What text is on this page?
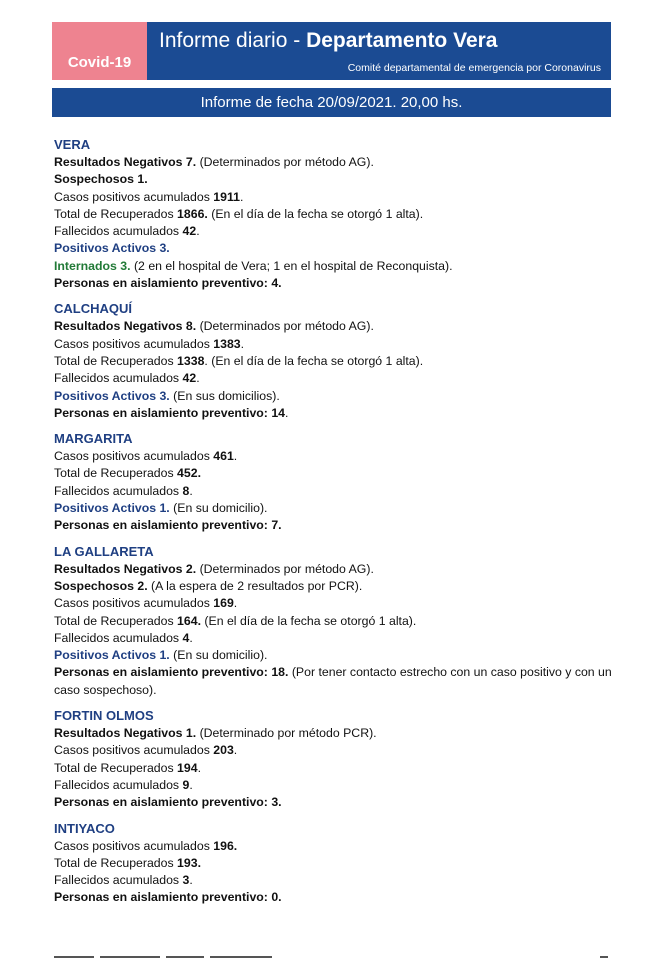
Covid-19
Informe diario - Departamento Vera
Comité departamental de emergencia por Coronavirus
Informe de fecha 20/09/2021. 20,00 hs.
VERA
Resultados Negativos 7. (Determinados por método AG).
Sospechosos 1.
Casos positivos acumulados 1911.
Total de Recuperados 1866. (En el día de la fecha se otorgó 1 alta).
Fallecidos acumulados 42.
Positivos Activos 3.
Internados 3. (2 en el hospital de Vera; 1 en el hospital de Reconquista).
Personas en aislamiento preventivo: 4.
CALCHAQUÍ
Resultados Negativos 8. (Determinados por método AG).
Casos positivos acumulados 1383.
Total de Recuperados 1338. (En el día de la fecha se otorgó 1 alta).
Fallecidos acumulados 42.
Positivos Activos 3. (En sus domicilios).
Personas en aislamiento preventivo: 14.
MARGARITA
Casos positivos acumulados 461.
Total de Recuperados 452.
Fallecidos acumulados 8.
Positivos Activos 1. (En su domicilio).
Personas en aislamiento preventivo: 7.
LA GALLARETA
Resultados Negativos 2. (Determinados por método AG).
Sospechosos 2. (A la espera de 2 resultados por PCR).
Casos positivos acumulados 169.
Total de Recuperados 164. (En el día de la fecha se otorgó 1 alta).
Fallecidos acumulados 4.
Positivos Activos 1. (En su domicilio).
Personas en aislamiento preventivo: 18. (Por tener contacto estrecho con un caso positivo y con un caso sospechoso).
FORTIN OLMOS
Resultados Negativos 1. (Determinado por método PCR).
Casos positivos acumulados 203.
Total de Recuperados 194.
Fallecidos acumulados 9.
Personas en aislamiento preventivo: 3.
INTIYACO
Casos positivos acumulados 196.
Total de Recuperados 193.
Fallecidos acumulados 3.
Personas en aislamiento preventivo: 0.
